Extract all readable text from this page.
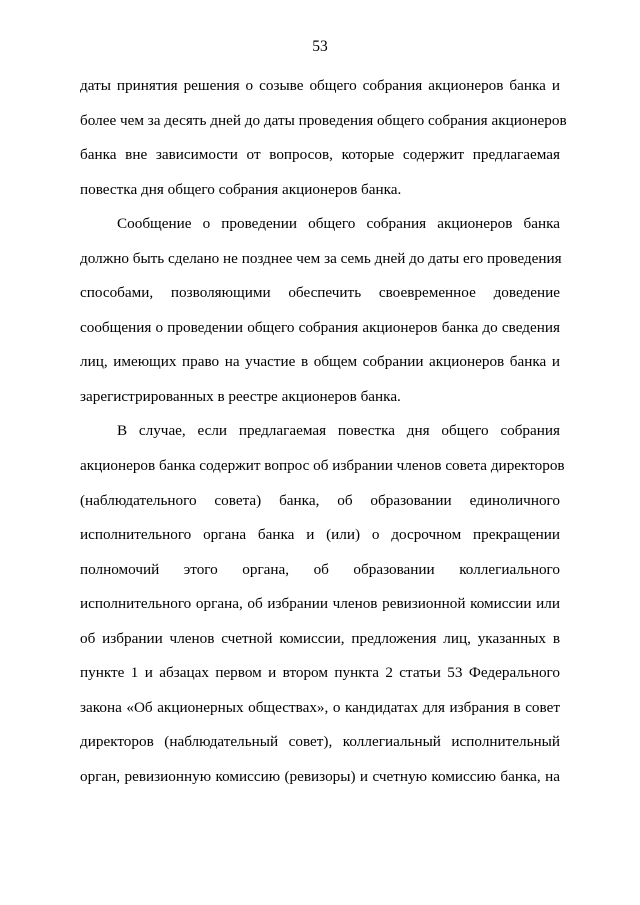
53
даты принятия решения о созыве общего собрания акционеров банка и
более чем за десять дней до даты проведения общего собрания акционеров
банка вне зависимости от вопросов, которые содержит предлагаемая
повестка дня общего собрания акционеров банка.
Сообщение о проведении общего собрания акционеров банка
должно быть сделано не позднее чем за семь дней до даты его проведения
способами, позволяющими обеспечить своевременное доведение
сообщения о проведении общего собрания акционеров банка до сведения
лиц, имеющих право на участие в общем собрании акционеров банка и
зарегистрированных в реестре акционеров банка.
В случае, если предлагаемая повестка дня общего собрания
акционеров банка содержит вопрос об избрании членов совета директоров
(наблюдательного совета) банка, об образовании единоличного
исполнительного органа банка и (или) о досрочном прекращении
полномочий этого органа, об образовании коллегиального
исполнительного органа, об избрании членов ревизионной комиссии или
об избрании членов счетной комиссии, предложения лиц, указанных в
пункте 1 и абзацах первом и втором пункта 2 статьи 53 Федерального
закона «Об акционерных обществах», о кандидатах для избрания в совет
директоров (наблюдательный совет), коллегиальный исполнительный
орган, ревизионную комиссию (ревизоры) и счетную комиссию банка, на
